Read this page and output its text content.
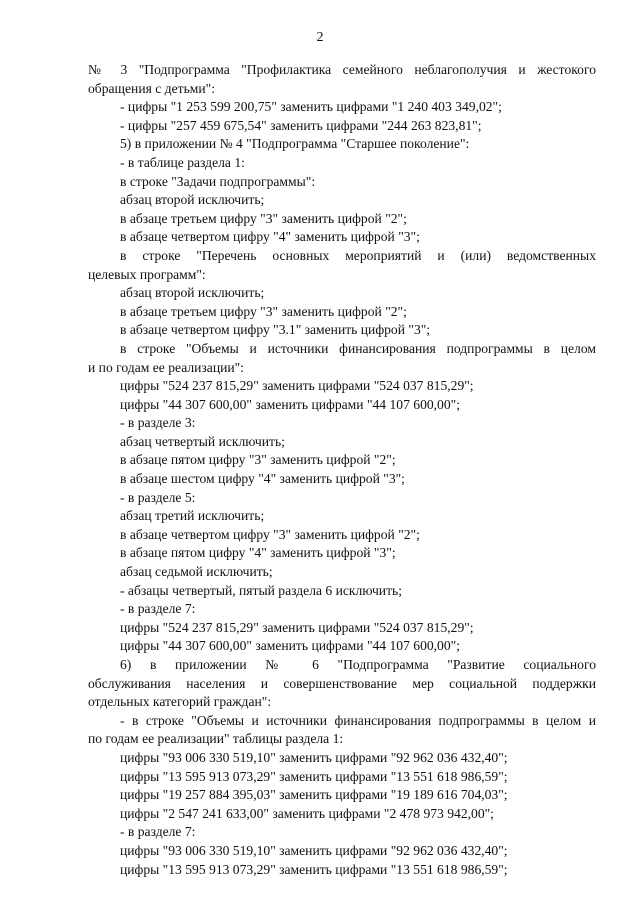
2
№ 3 "Подпрограмма "Профилактика семейного неблагополучия и жестокого
обращения с детьми":
- цифры "1 253 599 200,75" заменить цифрами "1 240 403 349,02";
- цифры "257 459 675,54" заменить цифрами "244 263 823,81";
5) в приложении № 4 "Подпрограмма "Старшее поколение":
- в таблице раздела 1:
в строке "Задачи подпрограммы":
абзац второй исключить;
в абзаце третьем цифру "3" заменить цифрой "2";
в абзаце четвертом цифру "4" заменить цифрой "3";
в строке "Перечень основных мероприятий и (или) ведомственных
целевых программ":
абзац второй исключить;
в абзаце третьем цифру "3" заменить цифрой "2";
в абзаце четвертом цифру "3.1" заменить цифрой "3";
в строке "Объемы и источники финансирования подпрограммы в целом
и по годам ее реализации":
цифры "524 237 815,29" заменить цифрами "524 037 815,29";
цифры "44 307 600,00" заменить цифрами "44 107 600,00";
- в разделе 3:
абзац четвертый исключить;
в абзаце пятом цифру "3" заменить цифрой "2";
в абзаце шестом цифру "4" заменить цифрой "3";
- в разделе 5:
абзац третий исключить;
в абзаце четвертом цифру "3" заменить цифрой "2";
в абзаце пятом цифру "4" заменить цифрой "3";
абзац седьмой исключить;
- абзацы четвертый, пятый раздела 6 исключить;
- в разделе 7:
цифры "524 237 815,29" заменить цифрами "524 037 815,29";
цифры "44 307 600,00" заменить цифрами "44 107 600,00";
6) в приложении № 6 "Подпрограмма "Развитие социального
обслуживания населения и совершенствование мер социальной поддержки
отдельных категорий граждан":
- в строке "Объемы и источники финансирования подпрограммы в целом и
по годам ее реализации" таблицы раздела 1:
цифры "93 006 330 519,10" заменить цифрами "92 962 036 432,40";
цифры "13 595 913 073,29" заменить цифрами "13 551 618 986,59";
цифры "19 257 884 395,03" заменить цифрами "19 189 616 704,03";
цифры "2 547 241 633,00" заменить цифрами "2 478 973 942,00";
- в разделе 7:
цифры "93 006 330 519,10" заменить цифрами "92 962 036 432,40";
цифры "13 595 913 073,29" заменить цифрами "13 551 618 986,59";
